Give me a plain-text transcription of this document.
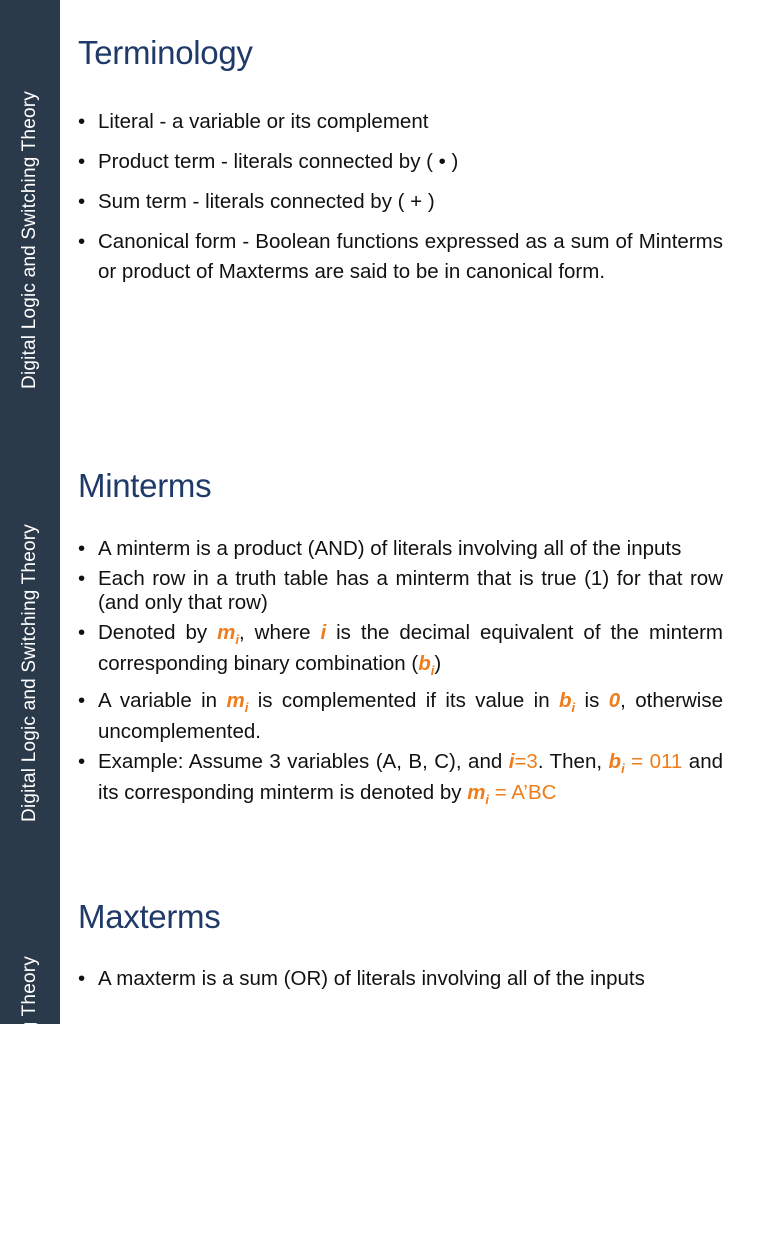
Digital Logic and Switching Theory
Terminology
• Literal - a variable or its complement
• Product term - literals connected by ( • )
• Sum term - literals connected by ( + )
• Canonical form - Boolean functions expressed as a sum of Minterms or product of Maxterms are said to be in canonical form.
Digital Logic and Switching Theory
Minterms
• A minterm is a product (AND) of literals involving all of the inputs
• Each row in a truth table has a minterm that is true (1) for that row (and only that row)
• Denoted by $m_i$, where i is the decimal equivalent of the minterm corresponding binary combination $(b_i)$
• A variable in $m_i$ is complemented if its value in $b_i$ is 0, otherwise uncomplemented.
• Example: Assume 3 variables (A, B, C), and i=3. Then, $b_i = 011$ and its corresponding minterm is denoted by $m_i$ = A’BC
Digital Logic and Switching Theory
Maxterms
• A maxterm is a sum (OR) of literals involving all of the inputs
